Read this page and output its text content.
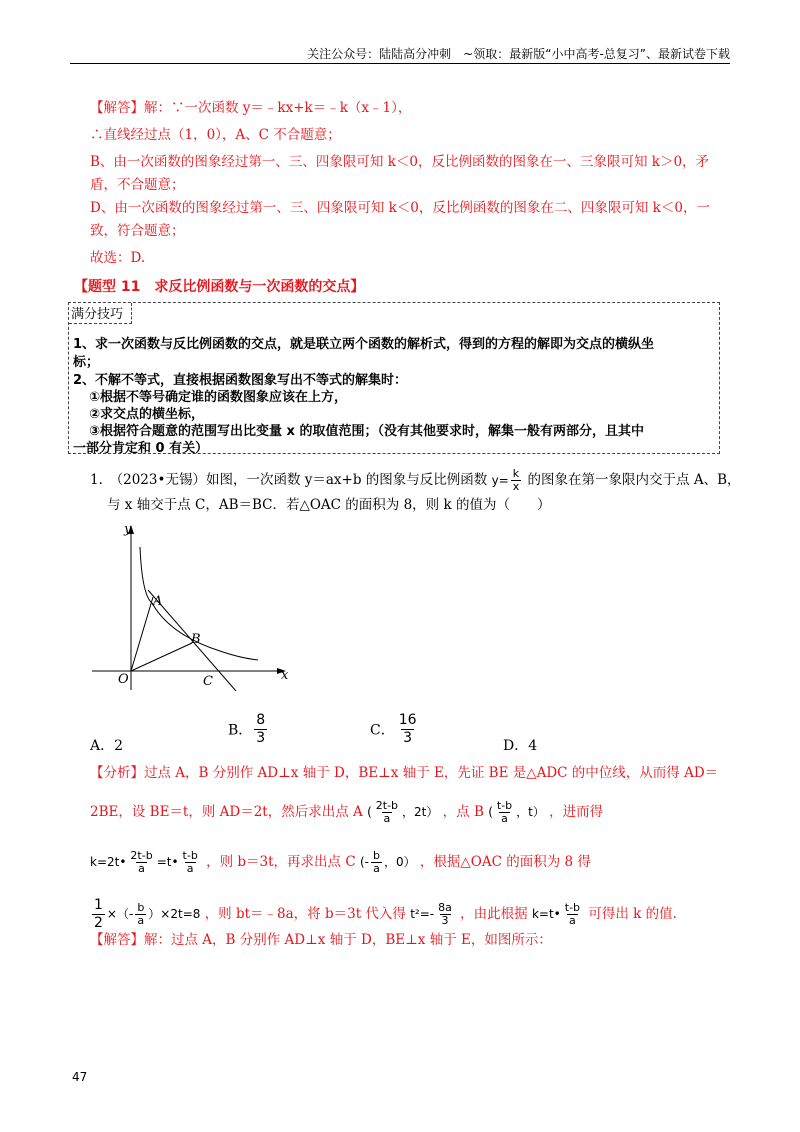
关注公众号：陆陆高分冲刺　~领取：最新版“小中高考-总复习”、最新试卷下载
【解答】解：∵一次函数 y＝﹣kx+k＝﹣k（x﹣1），
∴直线经过点（1，0），A、C 不合题意；
B、由一次函数的图象经过第一、三、四象限可知 k＜0，反比例函数的图象在一、三象限可知 k＞0，矛
盾，不合题意；
D、由一次函数的图象经过第一、三、四象限可知 k＜0，反比例函数的图象在二、四象限可知 k＜0，一
致，符合题意；
故选：D.
【题型 11　求反比例函数与一次函数的交点】
满分技巧
1、求一次函数与反比例函数的交点，就是联立两个函数的解析式，得到的方程的解即为交点的横纵坐
标；
2、不解不等式，直接根据函数图象写出不等式的解集时：
①根据不等号确定谁的函数图象应该在上方，
②求交点的横坐标，
③根据符合题意的范围写出比变量 x 的取值范围；（没有其他要求时，解集一般有两部分，且其中
一部分肯定和 0 有关）
1.　（2023•无锡）如图，一次函数 y＝ax+b 的图象与反比例函数 $y= \frac{k}{x}$ 的图象在第一象限内交于点 A、B，
与 x 轴交于点 C，AB＝BC．若△OAC 的面积为 8，则 k 的值为（　　）
y
x
O
A
B
C
A．2
B． $\frac{8}{3}$	C． $\frac{16}{3}$	D．4
【分析】过点 A，B 分别作 AD⊥x 轴于 D，BE⊥x 轴于 E，先证 BE 是△ADC 的中位线，从而得 AD＝
2BE，设 BE＝t，则 AD＝2t，然后求出点 A ( $\frac{2t-b}{a}$ ，2t） ，点 B ( $\frac{t-b}{a}$ ，t） ，进而得
k=2t• $\frac{2t-b}{a}$ =t• $\frac{t-b}{a}$ ，则 b＝3t，再求出点 C (- $\frac{b}{a}$ ，0） ，根据△OAC 的面积为 8 得
$\frac{1}{2}$ ×（- $\frac{b}{a} )\times 2t=8$ ，则 bt＝﹣8a，将 b＝3t 代入得 $t^2=- \frac{8a}{3}$ ，由此根据 k=t• $\frac{t-b}{a}$ 可得出 k 的值.
【解答】解：过点 A，B 分别作 AD⊥x 轴于 D，BE⊥x 轴于 E，如图所示：
47
